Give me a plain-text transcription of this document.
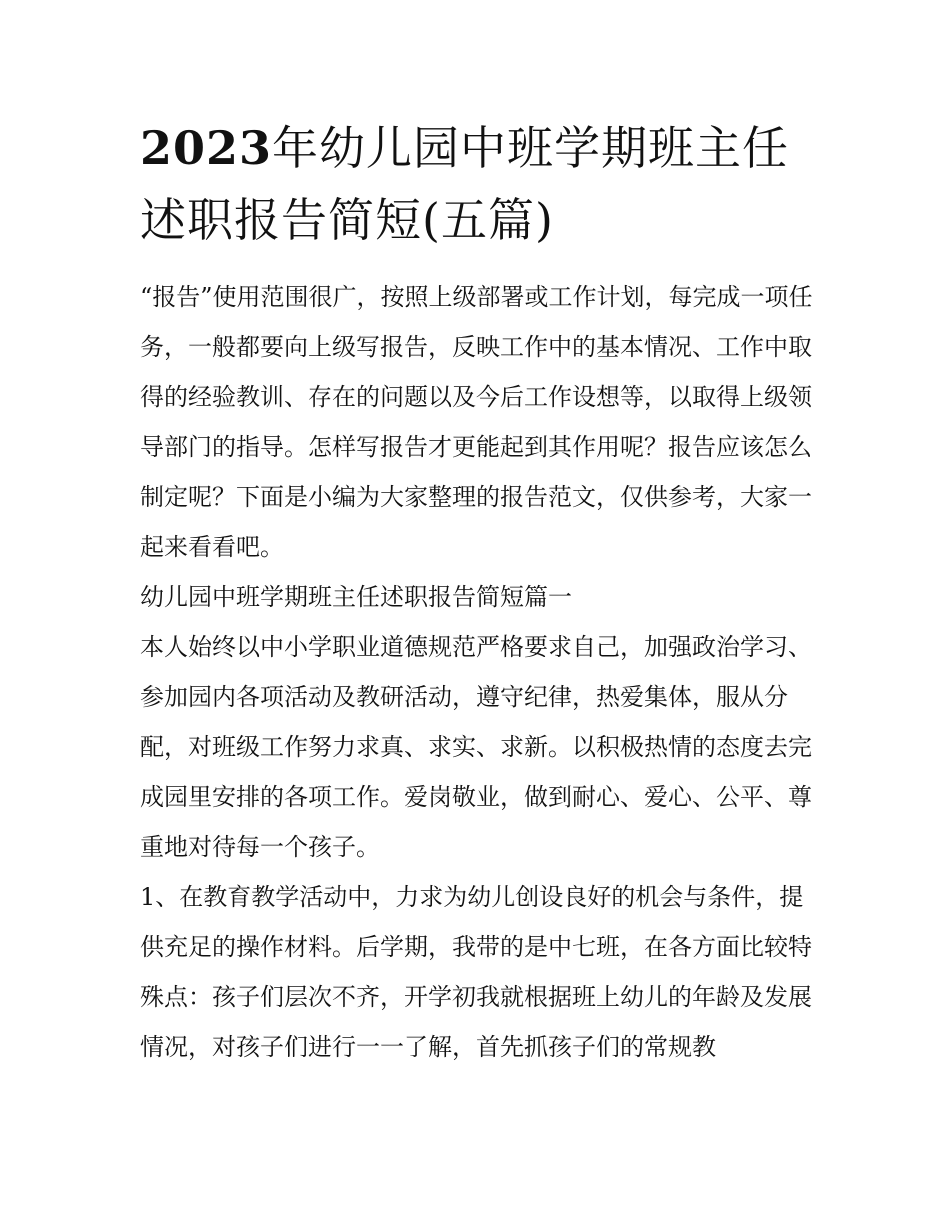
2023年幼儿园中班学期班主任述职报告简短(五篇)

“报告”使用范围很广，按照上级部署或工作计划，每完成一项任务，一般都要向上级写报告，反映工作中的基本情况、工作中取得的经验教训、存在的问题以及今后工作设想等，以取得上级领导部门的指导。怎样写报告才更能起到其作用呢？报告应该怎么制定呢？下面是小编为大家整理的报告范文，仅供参考，大家一起来看看吧。

幼儿园中班学期班主任述职报告简短篇一

本人始终以中小学职业道德规范严格要求自己，加强政治学习、参加园内各项活动及教研活动，遵守纪律，热爱集体，服从分配，对班级工作努力求真、求实、求新。以积极热情的态度去完成园里安排的各项工作。爱岗敬业，做到耐心、爱心、公平、尊重地对待每一个孩子。

1、在教育教学活动中，力求为幼儿创设良好的机会与条件，提供充足的操作材料。后学期，我带的是中七班，在各方面比较特殊点：孩子们层次不齐，开学初我就根据班上幼儿的年龄及发展情况，对孩子们进行一一了解，首先抓孩子们的常规教
